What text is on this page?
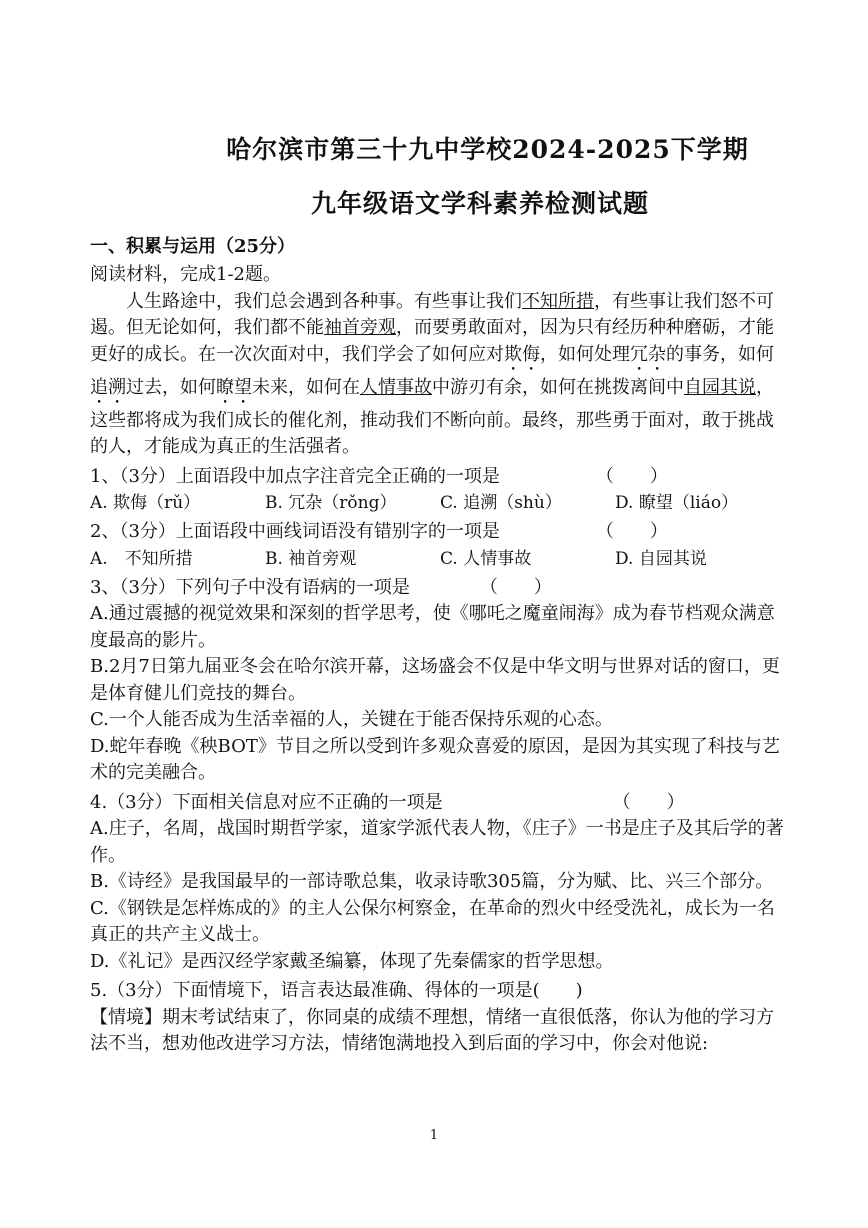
哈尔滨市第三十九中学校2024-2025下学期
九年级语文学科素养检测试题
一、积累与运用（25分）

阅读材料，完成1-2题。

人生路途中，我们总会遇到各种事。有些事让我们不知所措，有些事让我们怒不可遏。但无论如何，我们都不能袖首旁观，而要勇敢面对，因为只有经历种种磨砺，才能更好的成长。在一次次面对中，我们学会了如何应对欺侮，如何处理冗杂的事务，如何追溯过去，如何瞭望未来，如何在人情事故中游刃有余，如何在挑拨离间中自园其说，这些都将成为我们成长的催化剂，推动我们不断向前。最终，那些勇于面对，敢于挑战的人，才能成为真正的生活强者。

1、（3分）上面语段中加点字注音完全正确的一项是	（　　）

A. 欺侮（rǔ）	B. 冗杂（rǒng）	C. 追溯（shù）	D. 瞭望（liáo）

2、（3分）上面语段中画线词语没有错别字的一项是	（　　）

A.　不知所措	B. 袖首旁观	C. 人情事故	D. 自园其说

3、（3分）下列句子中没有语病的一项是	（　　）

A.通过震撼的视觉效果和深刻的哲学思考，使《哪吒之魔童闹海》成为春节档观众满意度最高的影片。

B.2月7日第九届亚冬会在哈尔滨开幕，这场盛会不仅是中华文明与世界对话的窗口，更是体育健儿们竞技的舞台。

C.一个人能否成为生活幸福的人，关键在于能否保持乐观的心态。

D.蛇年春晚《秧BOT》节目之所以受到许多观众喜爱的原因，是因为其实现了科技与艺术的完美融合。

4.（3分）下面相关信息对应不正确的一项是	（　　）

A.庄子，名周，战国时期哲学家，道家学派代表人物，《庄子》一书是庄子及其后学的著作。

B.《诗经》是我国最早的一部诗歌总集，收录诗歌305篇，分为赋、比、兴三个部分。

C.《钢铁是怎样炼成的》的主人公保尔柯察金，在革命的烈火中经受洗礼，成长为一名真正的共产主义战士。

D.《礼记》是西汉经学家戴圣编纂，体现了先秦儒家的哲学思想。

5.（3分）下面情境下，语言表达最准确、得体的一项是(　　)

【情境】期末考试结束了，你同桌的成绩不理想，情绪一直很低落，你认为他的学习方法不当，想劝他改进学习方法，情绪饱满地投入到后面的学习中，你会对他说:

1
